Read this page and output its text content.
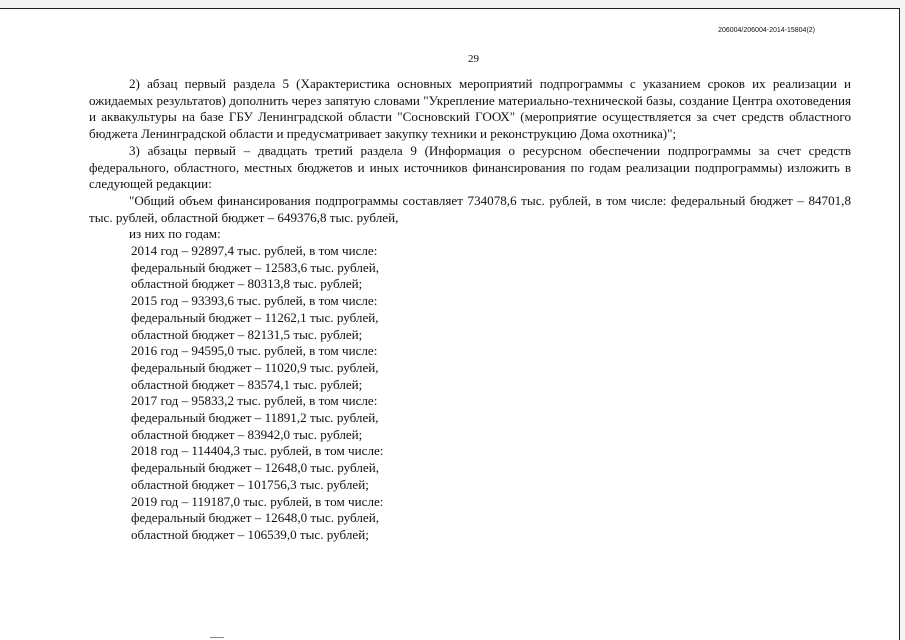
206004/206004-2014-15804(2)
29
2) абзац первый раздела 5 (Характеристика основных мероприятий подпрограммы с указанием сроков их реализации и ожидаемых результатов) дополнить через запятую словами "Укрепление материально-технической базы, создание Центра охотоведения и аквакультуры на базе ГБУ Ленинградской области "Сосновский ГООХ" (мероприятие осуществляется за счет средств областного бюджета Ленинградской области и предусматривает закупку техники и реконструкцию Дома охотника)";
3) абзацы первый – двадцать третий раздела 9 (Информация о ресурсном обеспечении подпрограммы за счет средств федерального, областного, местных бюджетов и иных источников финансирования по годам реализации подпрограммы) изложить в следующей редакции:
"Общий объем финансирования подпрограммы составляет 734078,6 тыс. рублей, в том числе: федеральный бюджет – 84701,8 тыс. рублей, областной бюджет – 649376,8 тыс. рублей,
из них по годам:
2014 год – 92897,4 тыс. рублей, в том числе:
федеральный бюджет – 12583,6 тыс. рублей,
областной бюджет – 80313,8 тыс. рублей;
2015 год – 93393,6 тыс. рублей, в том числе:
федеральный бюджет – 11262,1 тыс. рублей,
областной бюджет – 82131,5 тыс. рублей;
2016 год – 94595,0 тыс. рублей, в том числе:
федеральный бюджет – 11020,9 тыс. рублей,
областной бюджет – 83574,1 тыс. рублей;
2017 год – 95833,2 тыс. рублей, в том числе:
федеральный бюджет – 11891,2 тыс. рублей,
областной бюджет – 83942,0 тыс. рублей;
2018 год – 114404,3 тыс. рублей, в том числе:
федеральный бюджет – 12648,0 тыс. рублей,
областной бюджет – 101756,3 тыс. рублей;
2019 год – 119187,0 тыс. рублей, в том числе:
федеральный бюджет – 12648,0 тыс. рублей,
областной бюджет – 106539,0 тыс. рублей;
